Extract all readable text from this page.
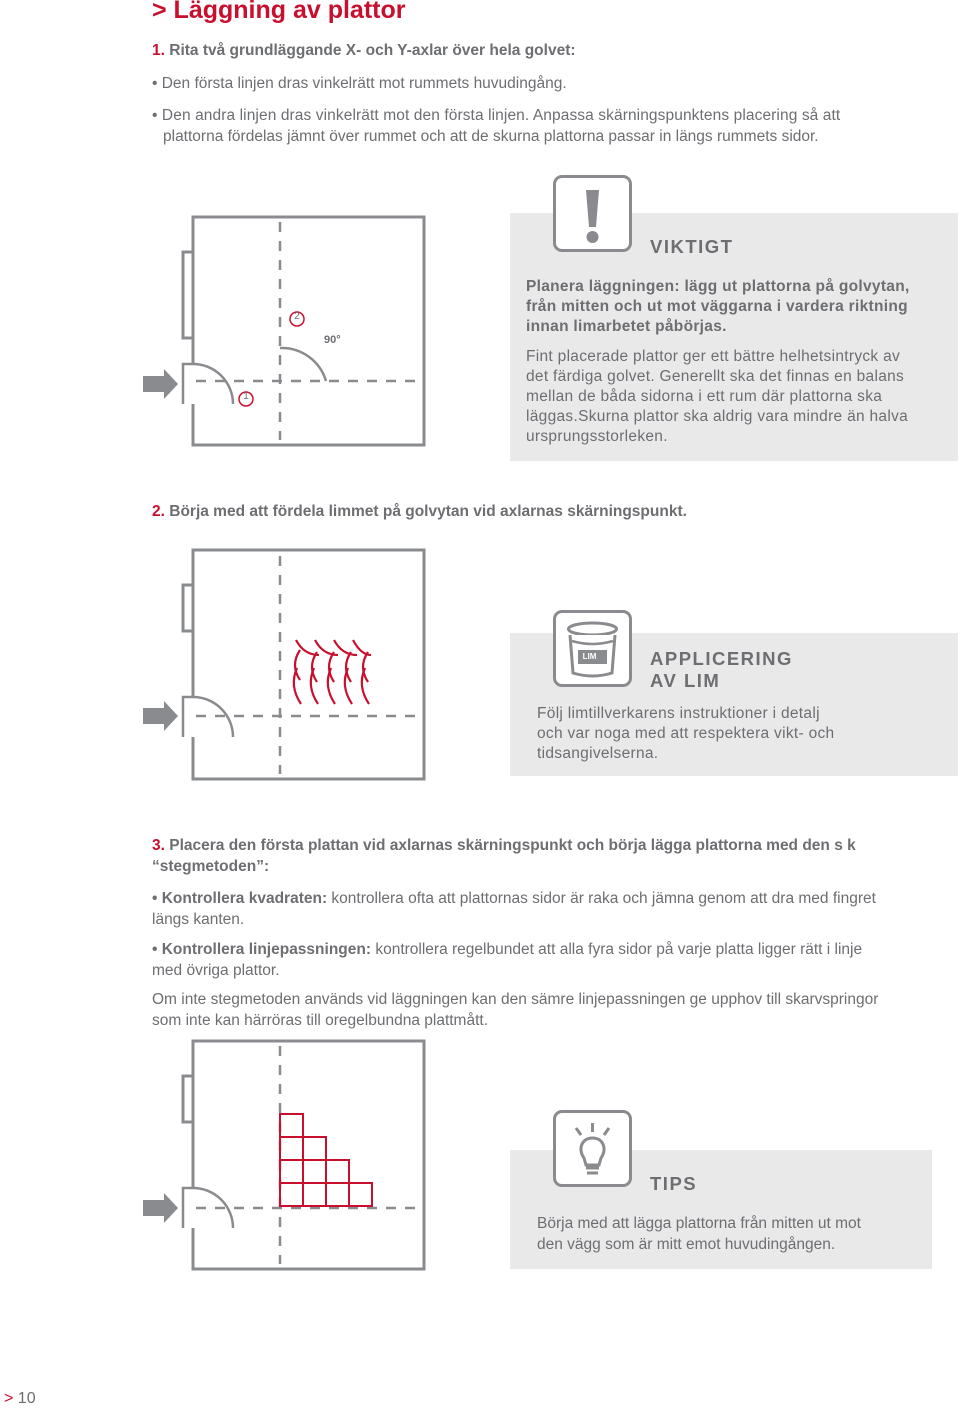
> Läggning av plattor
1. Rita två grundläggande X- och Y-axlar över hela golvet:
• Den första linjen dras vinkelrätt mot rummets huvudingång.
• Den andra linjen dras vinkelrätt mot den första linjen. Anpassa skärningspunktens placering så att
plattorna fördelas jämnt över rummet och att de skurna plattorna passar in längs rummets sidor.
1
2
90°
VIKTIGT
Planera läggningen: lägg ut plattorna på golvytan,
från mitten och ut mot väggarna i vardera riktning
innan limarbetet påbörjas.
Fint placerade plattor ger ett bättre helhetsintryck av
det färdiga golvet. Generellt ska det finnas en balans
mellan de båda sidorna i ett rum där plattorna ska
läggas.Skurna plattor ska aldrig vara mindre än halva
ursprungsstorleken.
2. Börja med att fördela limmet på golvytan vid axlarnas skärningspunkt.
LIM	APPLICERING
AV LIM
Följ limtillverkarens instruktioner i detalj
och var noga med att respektera vikt- och
tidsangivelserna.
3. Placera den första plattan vid axlarnas skärningspunkt och börja lägga plattorna med den s k
“stegmetoden”:
• Kontrollera kvadraten: kontrollera ofta att plattornas sidor är raka och jämna genom att dra med fingret
längs kanten.
• Kontrollera linjepassningen: kontrollera regelbundet att alla fyra sidor på varje platta ligger rätt i linje
med övriga plattor.
Om inte stegmetoden används vid läggningen kan den sämre linjepassningen ge upphov till skarvspringor
som inte kan härröras till oregelbundna plattmått.
TIPS
Börja med att lägga plattorna från mitten ut mot
den vägg som är mitt emot huvudingången.
> 10
